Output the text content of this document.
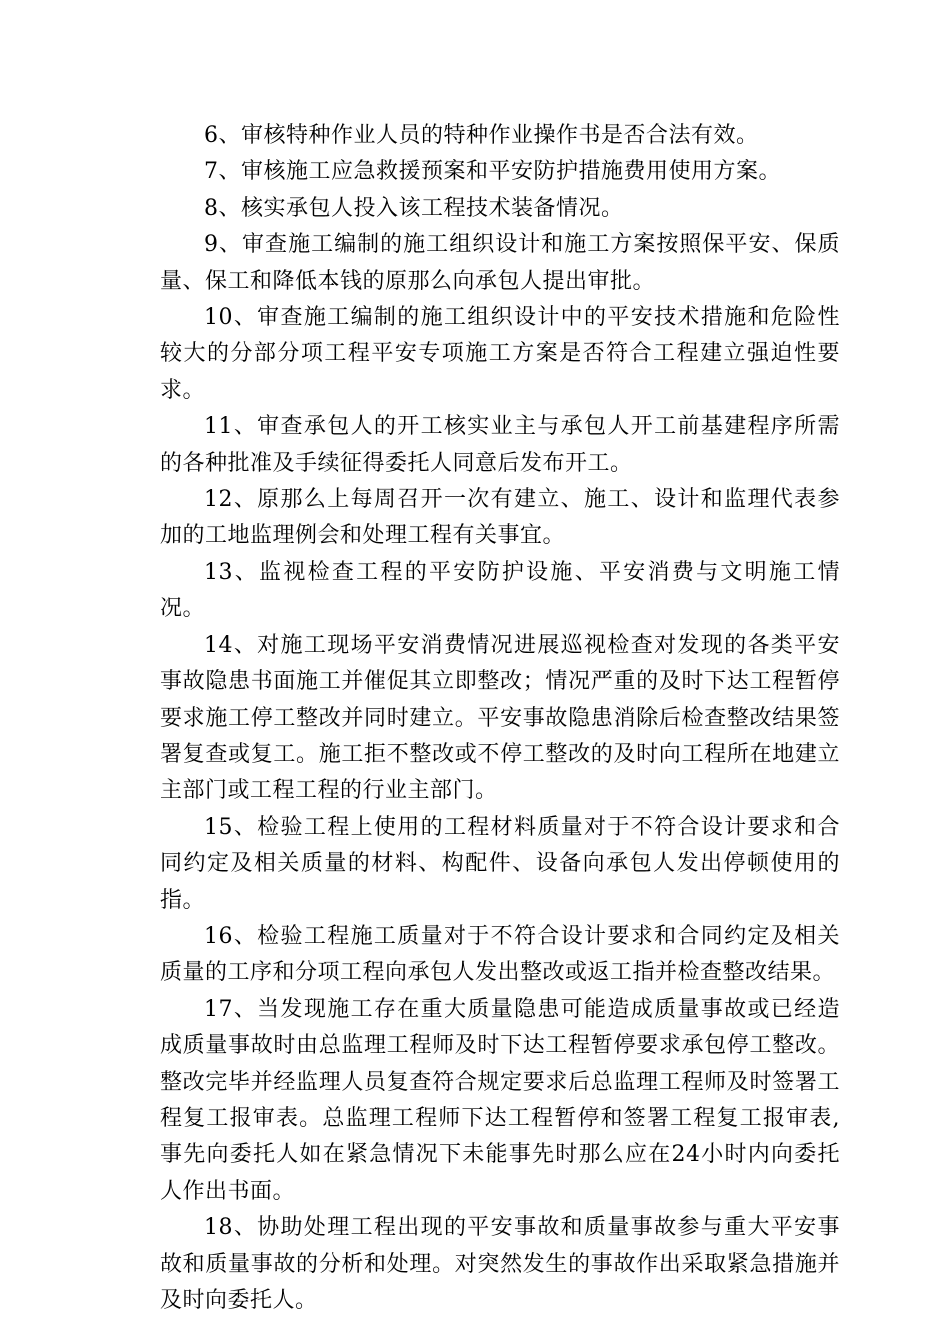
6、审核特种作业人员的特种作业操作书是否合法有效。

7、审核施工应急救援预案和平安防护措施费用使用方案。

8、核实承包人投入该工程技术装备情况。

9、审查施工编制的施工组织设计和施工方案按照保平安、保质量、保工和降低本钱的原那么向承包人提出审批。

10、审查施工编制的施工组织设计中的平安技术措施和危险性较大的分部分项工程平安专项施工方案是否符合工程建立强迫性要求。

11、审查承包人的开工核实业主与承包人开工前基建程序所需的各种批准及手续征得委托人同意后发布开工。

12、原那么上每周召开一次有建立、施工、设计和监理代表参加的工地监理例会和处理工程有关事宜。

13、监视检查工程的平安防护设施、平安消费与文明施工情况。

14、对施工现场平安消费情况进展巡视检查对发现的各类平安事故隐患书面施工并催促其立即整改；情况严重的及时下达工程暂停要求施工停工整改并同时建立。平安事故隐患消除后检查整改结果签署复查或复工。施工拒不整改或不停工整改的及时向工程所在地建立主部门或工程工程的行业主部门。

15、检验工程上使用的工程材料质量对于不符合设计要求和合同约定及相关质量的材料、构配件、设备向承包人发出停顿使用的指。

16、检验工程施工质量对于不符合设计要求和合同约定及相关质量的工序和分项工程向承包人发出整改或返工指并检查整改结果。

17、当发现施工存在重大质量隐患可能造成质量事故或已经造成质量事故时由总监理工程师及时下达工程暂停要求承包停工整改。整改完毕并经监理人员复查符合规定要求后总监理工程师及时签署工程复工报审表。总监理工程师下达工程暂停和签署工程复工报审表,事先向委托人如在紧急情况下未能事先时那么应在24小时内向委托人作出书面。

18、协助处理工程出现的平安事故和质量事故参与重大平安事故和质量事故的分析和处理。对突然发生的事故作出采取紧急措施并及时向委托人。
